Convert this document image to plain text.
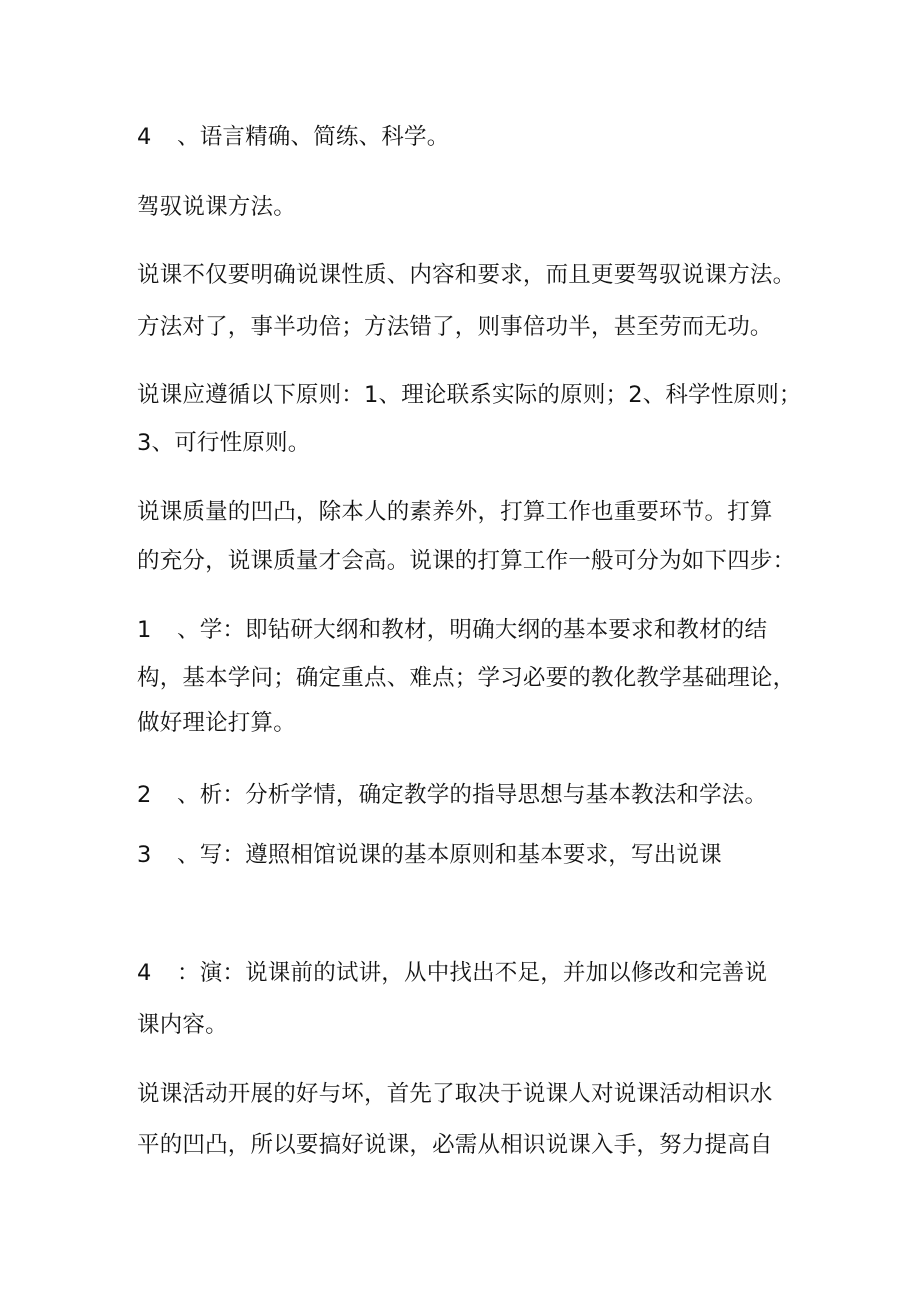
4 、语言精确、简练、科学。
驾驭说课方法。
说课不仅要明确说课性质、内容和要求，而且更要驾驭说课方法。
方法对了，事半功倍；方法错了，则事倍功半，甚至劳而无功。
说课应遵循以下原则：1、理论联系实际的原则；2、科学性原则；
3、可行性原则。
说课质量的凹凸，除本人的素养外，打算工作也重要环节。打算
的充分，说课质量才会高。说课的打算工作一般可分为如下四步：
1 、学：即钻研大纲和教材，明确大纲的基本要求和教材的结
构，基本学问；确定重点、难点；学习必要的教化教学基础理论，
做好理论打算。
2 、析：分析学情，确定教学的指导思想与基本教法和学法。
3 、写：遵照相馆说课的基本原则和基本要求，写出说课
4 ：演：说课前的试讲，从中找出不足，并加以修改和完善说
课内容。
说课活动开展的好与坏，首先了取决于说课人对说课活动相识水
平的凹凸，所以要搞好说课，必需从相识说课入手，努力提高自
